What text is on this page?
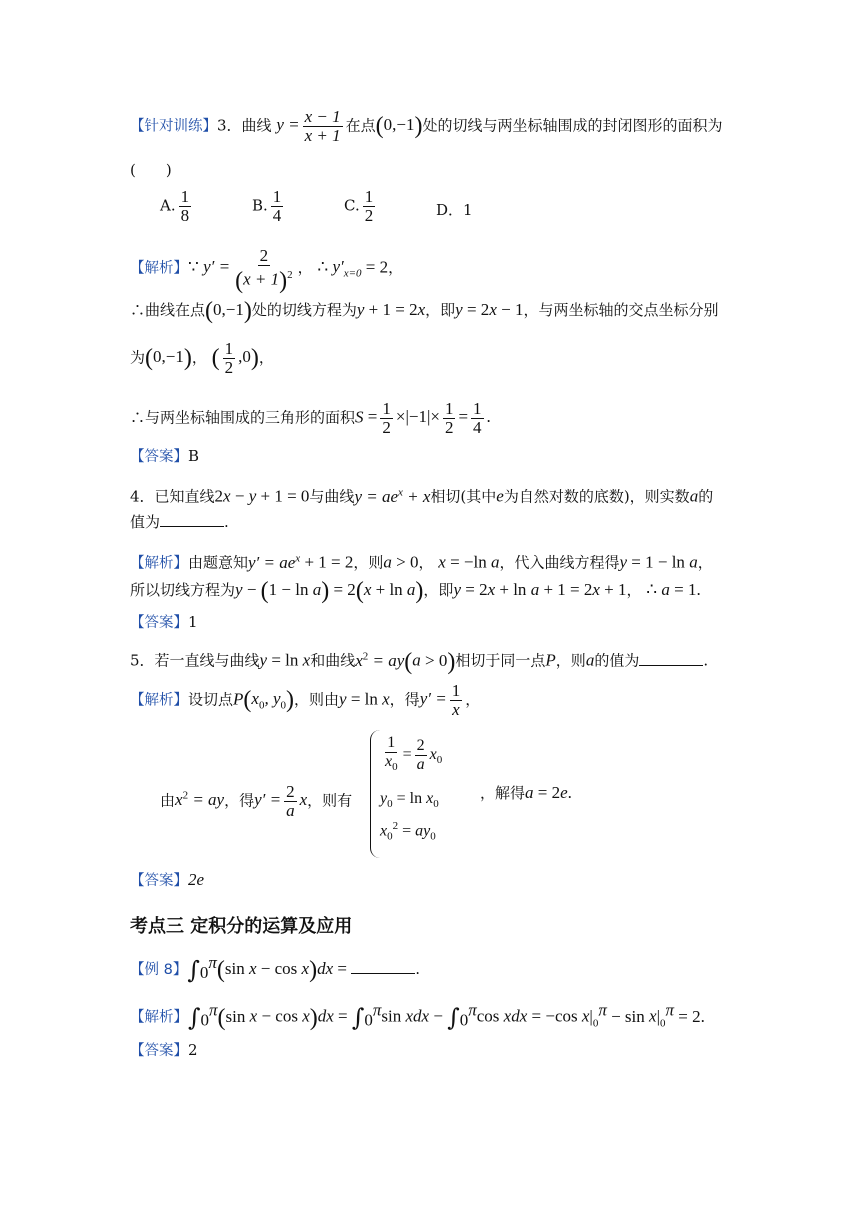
【针对训练】3．曲线 $y = \frac{x - 1}{x + 1}$ 在点(0,−1)处的切线与两坐标轴围成的封闭图形的面积为
(　　)
A. $\frac{1}{8}$	B. $\frac{1}{4}$	C. $\frac{1}{2}$	D．1
【解析】∵ $y' = \frac{2}{(x + 1)^2}$ ， ∴ $y'_{x=0} = 2$，
∴曲线在点(0,−1)处的切线方程为y + 1 = 2x，即y = 2x − 1，与两坐标轴的交点坐标分别
为(0,−1)， ( $\frac{1}{2} ,0$)，
∴与两坐标轴围成的三角形的面积$S = \frac{1}{2} \times|-1|\times \frac{1}{2} = \frac{1}{4}$ .
【答案】B
4．已知直线2x − y + 1 = 0与曲线$y = ae^x + x$相切(其中e为自然对数的底数)，则实数a的
值为	.
【解析】由题意知$y' = ae^x + 1 = 2$，则a > 0， x = −ln a，代入曲线方程得y = 1 − ln a，
所以切线方程为y − (1 − ln a) = 2(x + ln a)，即y = 2x + ln a + 1 = 2x + 1， ∴ a = 1.
【答案】1
5．若一直线与曲线y = ln x和曲线$x^2 = ay(a > 0)$相切于同一点P，则a的值为	.
【解析】设切点$P(x_0$, $y_0$)，则由y = ln x，得$y' = \frac{1}{x}$ ，
由$x^2$ = ay，得$y' = \frac{2}{a}$ x，则有
$\frac{1}{x_0} = \frac{2}{a} x_0$
$y_0 = \ln x_0$
$x_0^2 = ay_0$
，解得a = 2e.
【答案】2e
考点三 定积分的运算及应用
【例 8】$\int_0^\pi(\sin$ x − cos x)dx =	.
【解析】$\int_0^\pi(\sin$ $x - \cos x)dx = \int_0^\pi\sin$ xdx − $\int_0^\pi\cos$ xdx = −cos $x|_0^\pi - \sin x|_0^\pi = 2$.
【答案】2
